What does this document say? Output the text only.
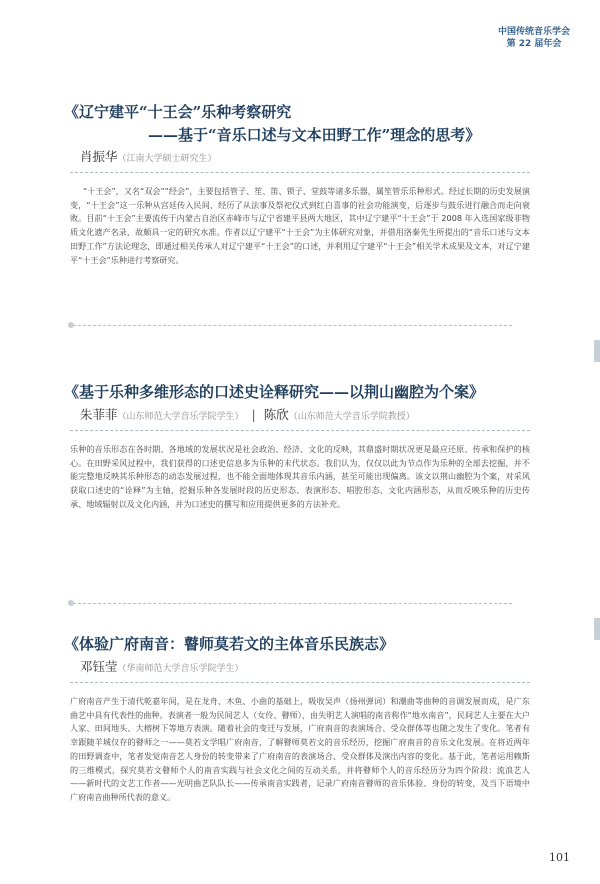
中国传统音乐学会
第 22 届年会

《辽宁建平“十王会”乐种考察研究

——基于“音乐口述与文本田野工作”理念的思考》

肖振华（江南大学硕士研究生）

“十王会”，又名“双会”“经会”，主要包括管子、笙、笛、锁子、堂鼓等诸多乐器，属笙管乐乐种形式。经过长期的历史发展演变，“十王会”这一乐种从宫廷传入民间，经历了从法事及祭祀仪式到红白喜事的社会功能演变，后逐步与鼓乐进行融合而走向衰败。目前“十王会”主要流传于内蒙古自治区赤峰市与辽宁省建平县两大地区，其中辽宁建平“十王会”于 2008 年入选国家级非物质文化遗产名录，故颇具一定的研究水准。作者以辽宁建平“十王会”为主体研究对象，并借用洛秦先生所提出的“音乐口述与文本田野工作”方法论理念，即通过相关传承人对辽宁建平“十王会”的口述，并利用辽宁建平“十王会”相关学术成果及文本，对辽宁建平“十王会”乐种进行考察研究。

《基于乐种多维形态的口述史诠释研究——以荆山幽腔为个案》

朱菲菲（山东师范大学音乐学院学生） | 陈欣（山东师范大学音乐学院教授）

乐种的音乐形态在各时期、各地域的发展状况是社会政治、经济、文化的反映，其鼎盛时期状况更是最应还原、传承和保护的核心。在田野采风过程中，我们获得的口述史信息多为乐种的末代状态。我们认为，仅仅以此为节点作为乐种的全部去挖掘，并不能完整地反映其乐种形态的动态发展过程，也不能全面地体现其音乐内涵，甚至可能出现偏离。该文以荆山幽腔为个案，对采风获取口述史的“诠释”为主轴，挖掘乐种各发展时段的历史形态、表演形态、唱腔形态、文化内涵形态，从而反映乐种的历史传承、地域辐射以及文化内涵，并为口述史的撰写和应用提供更多的方法补充。

《体验广府南音：瞽师莫若文的主体音乐民族志》

邓钰莹（华南师范大学音乐学院学生）

广府南音产生于清代乾嘉年间，是在龙舟、木鱼、小曲的基础上，吸收吴声（扬州弹词）和潮曲等曲种的音调发展而成，是广东曲艺中具有代表性的曲种。表演者一般为民间艺人（女伶、瞽师），由失明艺人演唱的南音称作“地水南音”，民间艺人主要在大户人家、田间地头、大榕树下等地方表演。随着社会的变迁与发展，广府南音的表演场合、受众群体等也随之发生了变化。笔者有幸跟随羊城仅存的瞽师之一——莫若文学唱广府南音，了解瞽师莫若文的音乐经历，挖掘广府南音的音乐文化发展。在将近两年的田野调查中，笔者发觉南音艺人身份的转变带来了广府南音的表演场合、受众群体及演出内容的变化。基于此，笔者运用赖斯的三维模式，探究莫若文瞽师个人的南音实践与社会文化之间的互动关系，并将瞽师个人的音乐经历分为四个阶段：流浪艺人——新时代的文艺工作者——光明曲艺队队长——传承南音实践者，记录广府南音瞽师的音乐体验、身份的转变，及当下语境中广府南音曲种所代表的意义。

101
